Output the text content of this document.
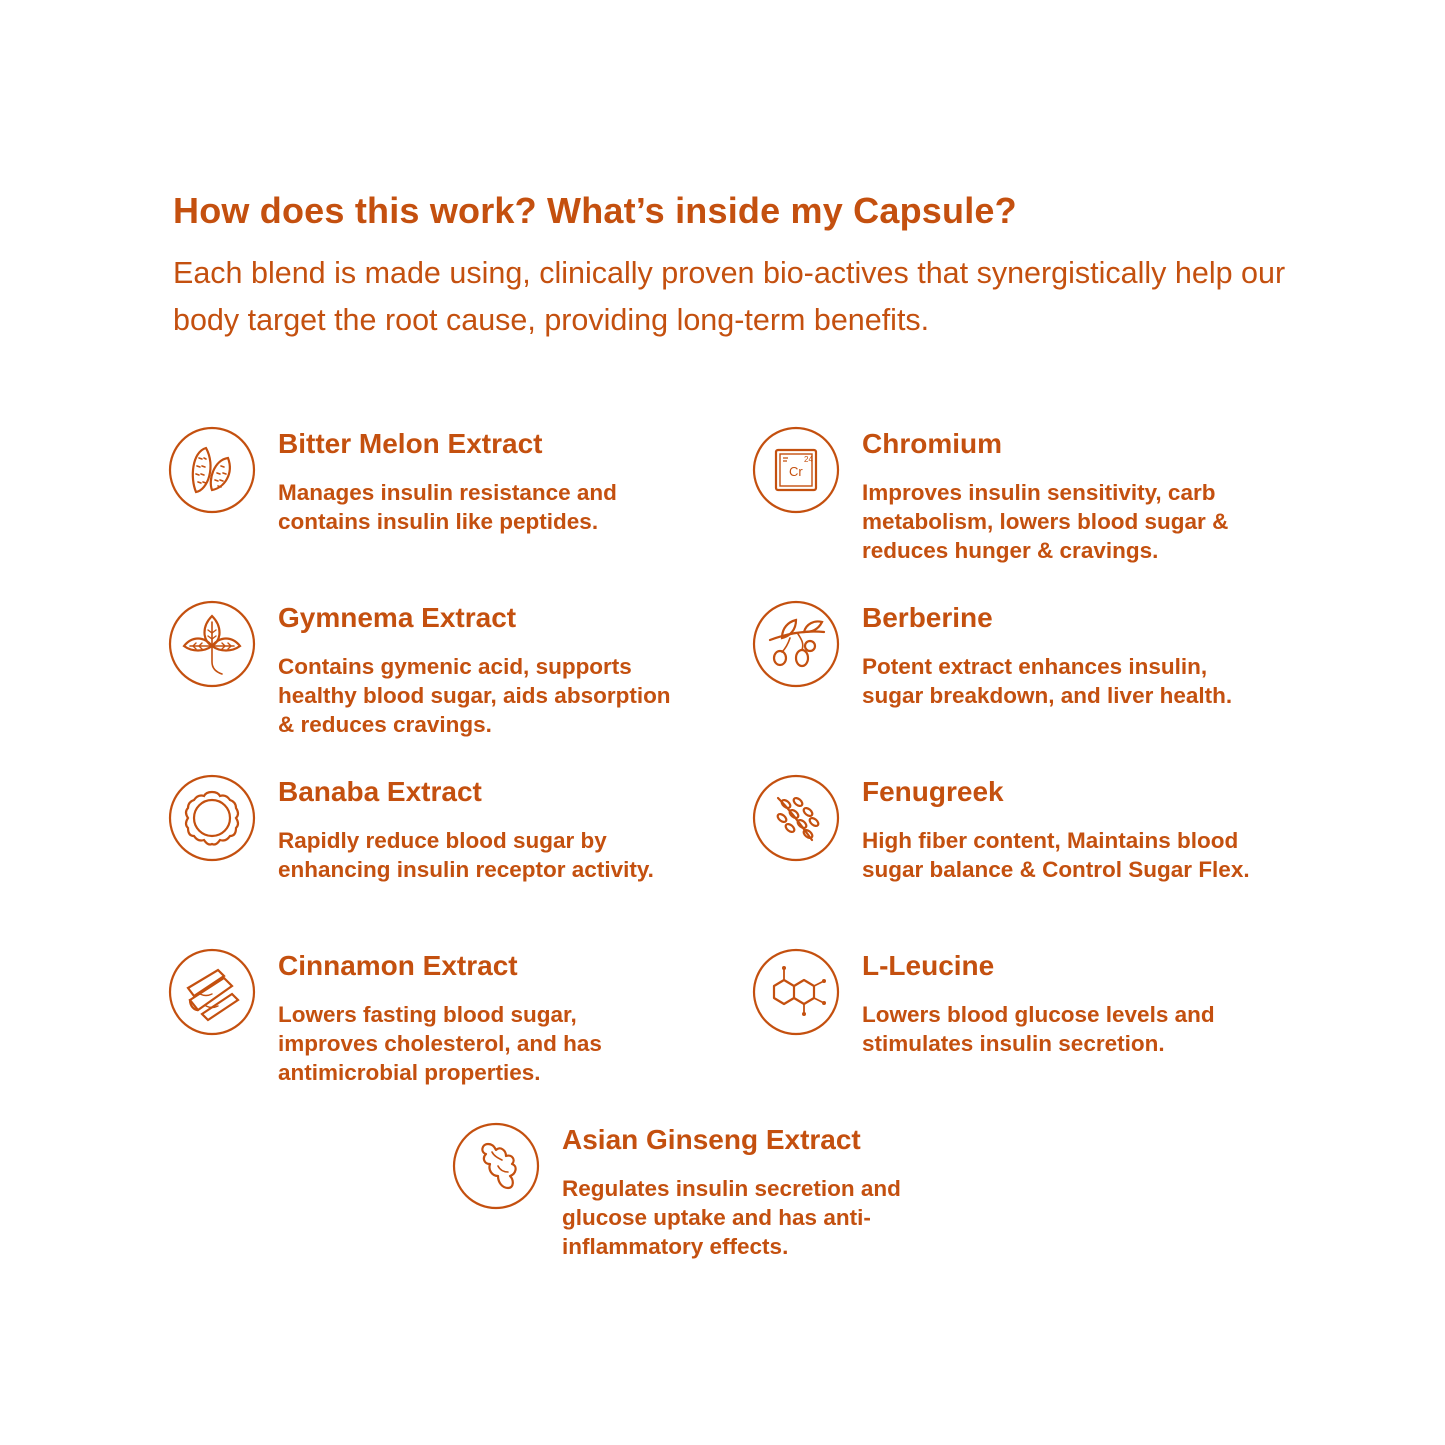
How does this work? What’s inside my Capsule?

Each blend is made using, clinically proven bio-actives that synergistically help our body target the root cause, providing long-term benefits.

Bitter Melon Extract
Manages insulin resistance and contains insulin like peptides.
24
Cr
Chromium
Improves insulin sensitivity, carb metabolism, lowers blood sugar & reduces hunger & cravings.
Gymnema Extract
Contains gymenic acid, supports healthy blood sugar, aids absorption & reduces cravings.
Berberine
Potent extract enhances insulin, sugar breakdown, and liver health.
Banaba Extract
Rapidly reduce blood sugar by enhancing insulin receptor activity.
Fenugreek
High fiber content, Maintains blood sugar balance & Control Sugar Flex.
Cinnamon Extract
Lowers fasting blood sugar, improves cholesterol, and has antimicrobial properties.
L-Leucine
Lowers blood glucose levels and stimulates insulin secretion.
Asian Ginseng Extract
Regulates insulin secretion and glucose uptake and has anti-inflammatory effects.
